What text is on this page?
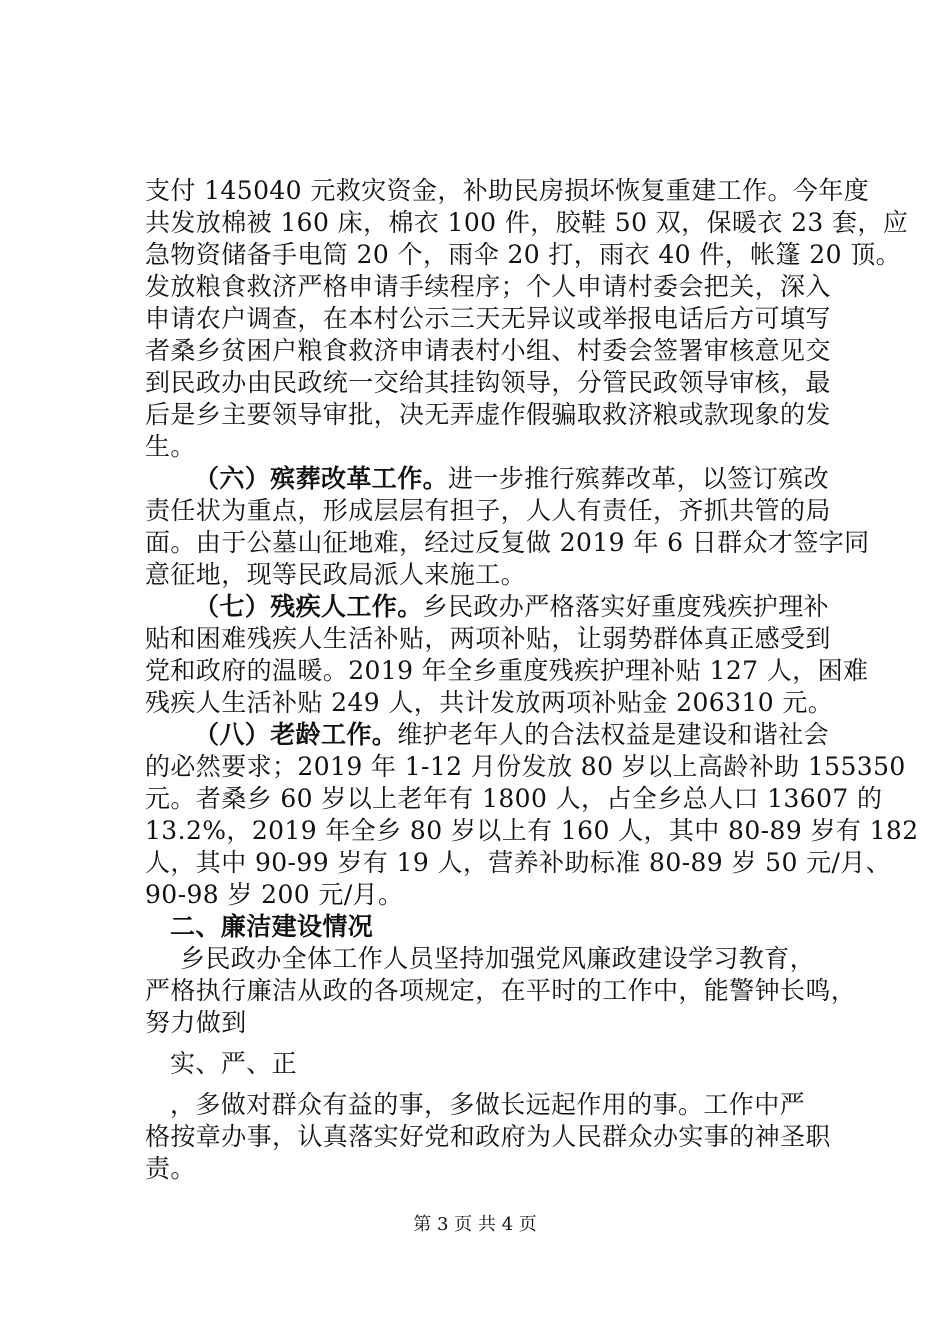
支付 145040 元救灾资金，补助民房损坏恢复重建工作。今年度
共发放棉被 160 床，棉衣 100 件，胶鞋 50 双，保暖衣 23 套，应
急物资储备手电筒 20 个，雨伞 20 打，雨衣 40 件，帐篷 20 顶。
发放粮食救济严格申请手续程序；个人申请村委会把关，深入
申请农户调查，在本村公示三天无异议或举报电话后方可填写
者桑乡贫困户粮食救济申请表村小组、村委会签署审核意见交
到民政办由民政统一交给其挂钩领导，分管民政领导审核，最
后是乡主要领导审批，决无弄虚作假骗取救济粮或款现象的发
生。
（六）殡葬改革工作。进一步推行殡葬改革，以签订殡改
责任状为重点，形成层层有担子，人人有责任，齐抓共管的局
面。由于公墓山征地难，经过反复做 2019 年 6 日群众才签字同
意征地，现等民政局派人来施工。
（七）残疾人工作。乡民政办严格落实好重度残疾护理补
贴和困难残疾人生活补贴，两项补贴，让弱势群体真正感受到
党和政府的温暖。2019 年全乡重度残疾护理补贴 127 人，困难
残疾人生活补贴 249 人，共计发放两项补贴金 206310 元。
（八）老龄工作。维护老年人的合法权益是建设和谐社会
的必然要求；2019 年 1-12 月份发放 80 岁以上高龄补助 155350
元。者桑乡 60 岁以上老年有 1800 人，占全乡总人口 13607 的
13.2%，2019 年全乡 80 岁以上有 160 人，其中 80-89 岁有 182
人，其中 90-99 岁有 19 人，营养补助标准 80-89 岁 50 元/月、
90-98 岁 200 元/月。
二、廉洁建设情况
乡民政办全体工作人员坚持加强党风廉政建设学习教育，
严格执行廉洁从政的各项规定，在平时的工作中，能警钟长鸣，
努力做到
实、严、正
，多做对群众有益的事，多做长远起作用的事。工作中严
格按章办事，认真落实好党和政府为人民群众办实事的神圣职
责。
第 3 页 共 4 页
